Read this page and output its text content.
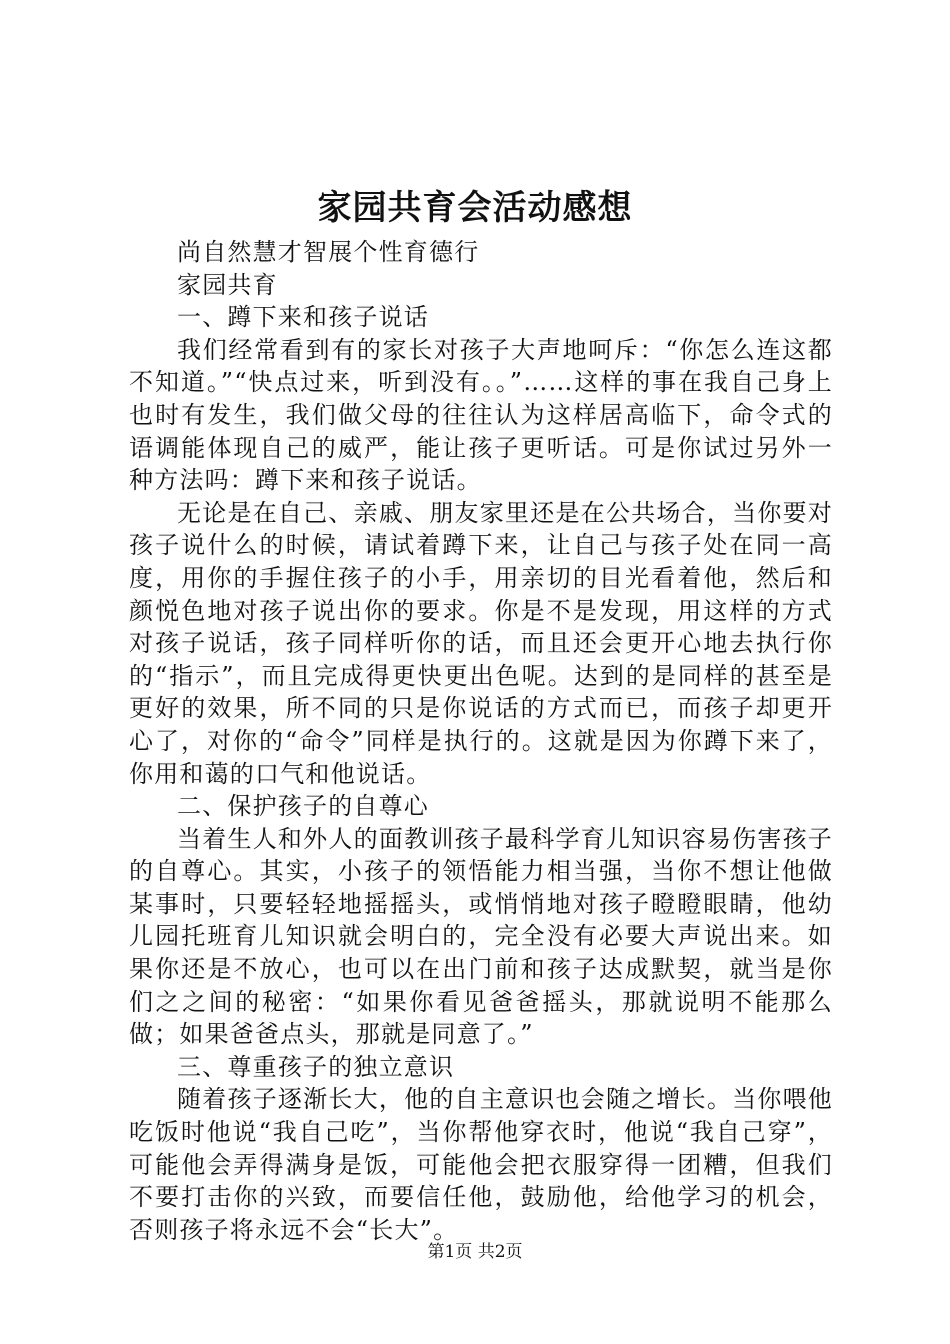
家园共育会活动感想

尚自然慧才智展个性育德行

家园共育

一、蹲下来和孩子说话

我们经常看到有的家长对孩子大声地呵斥：“你怎么连这都不知道。”“快点过来，听到没有。。”……这样的事在我自己身上也时有发生，我们做父母的往往认为这样居高临下，命令式的语调能体现自己的威严，能让孩子更听话。可是你试过另外一种方法吗：蹲下来和孩子说话。

无论是在自己、亲戚、朋友家里还是在公共场合，当你要对孩子说什么的时候，请试着蹲下来，让自己与孩子处在同一高度，用你的手握住孩子的小手，用亲切的目光看着他，然后和颜悦色地对孩子说出你的要求。你是不是发现，用这样的方式对孩子说话，孩子同样听你的话，而且还会更开心地去执行你的“指示”，而且完成得更快更出色呢。达到的是同样的甚至是更好的效果，所不同的只是你说话的方式而已，而孩子却更开心了，对你的“命令”同样是执行的。这就是因为你蹲下来了，你用和蔼的口气和他说话。

二、保护孩子的自尊心

当着生人和外人的面教训孩子最科学育儿知识容易伤害孩子的自尊心。其实，小孩子的领悟能力相当强，当你不想让他做某事时，只要轻轻地摇摇头，或悄悄地对孩子瞪瞪眼睛，他幼儿园托班育儿知识就会明白的，完全没有必要大声说出来。如果你还是不放心，也可以在出门前和孩子达成默契，就当是你们之之间的秘密：“如果你看见爸爸摇头，那就说明不能那么做；如果爸爸点头，那就是同意了。”

三、尊重孩子的独立意识

随着孩子逐渐长大，他的自主意识也会随之增长。当你喂他吃饭时他说“我自己吃”，当你帮他穿衣时，他说“我自己穿”，可能他会弄得满身是饭，可能他会把衣服穿得一团糟，但我们不要打击你的兴致，而要信任他，鼓励他，给他学习的机会，否则孩子将永远不会“长大”。

第1页 共2页
